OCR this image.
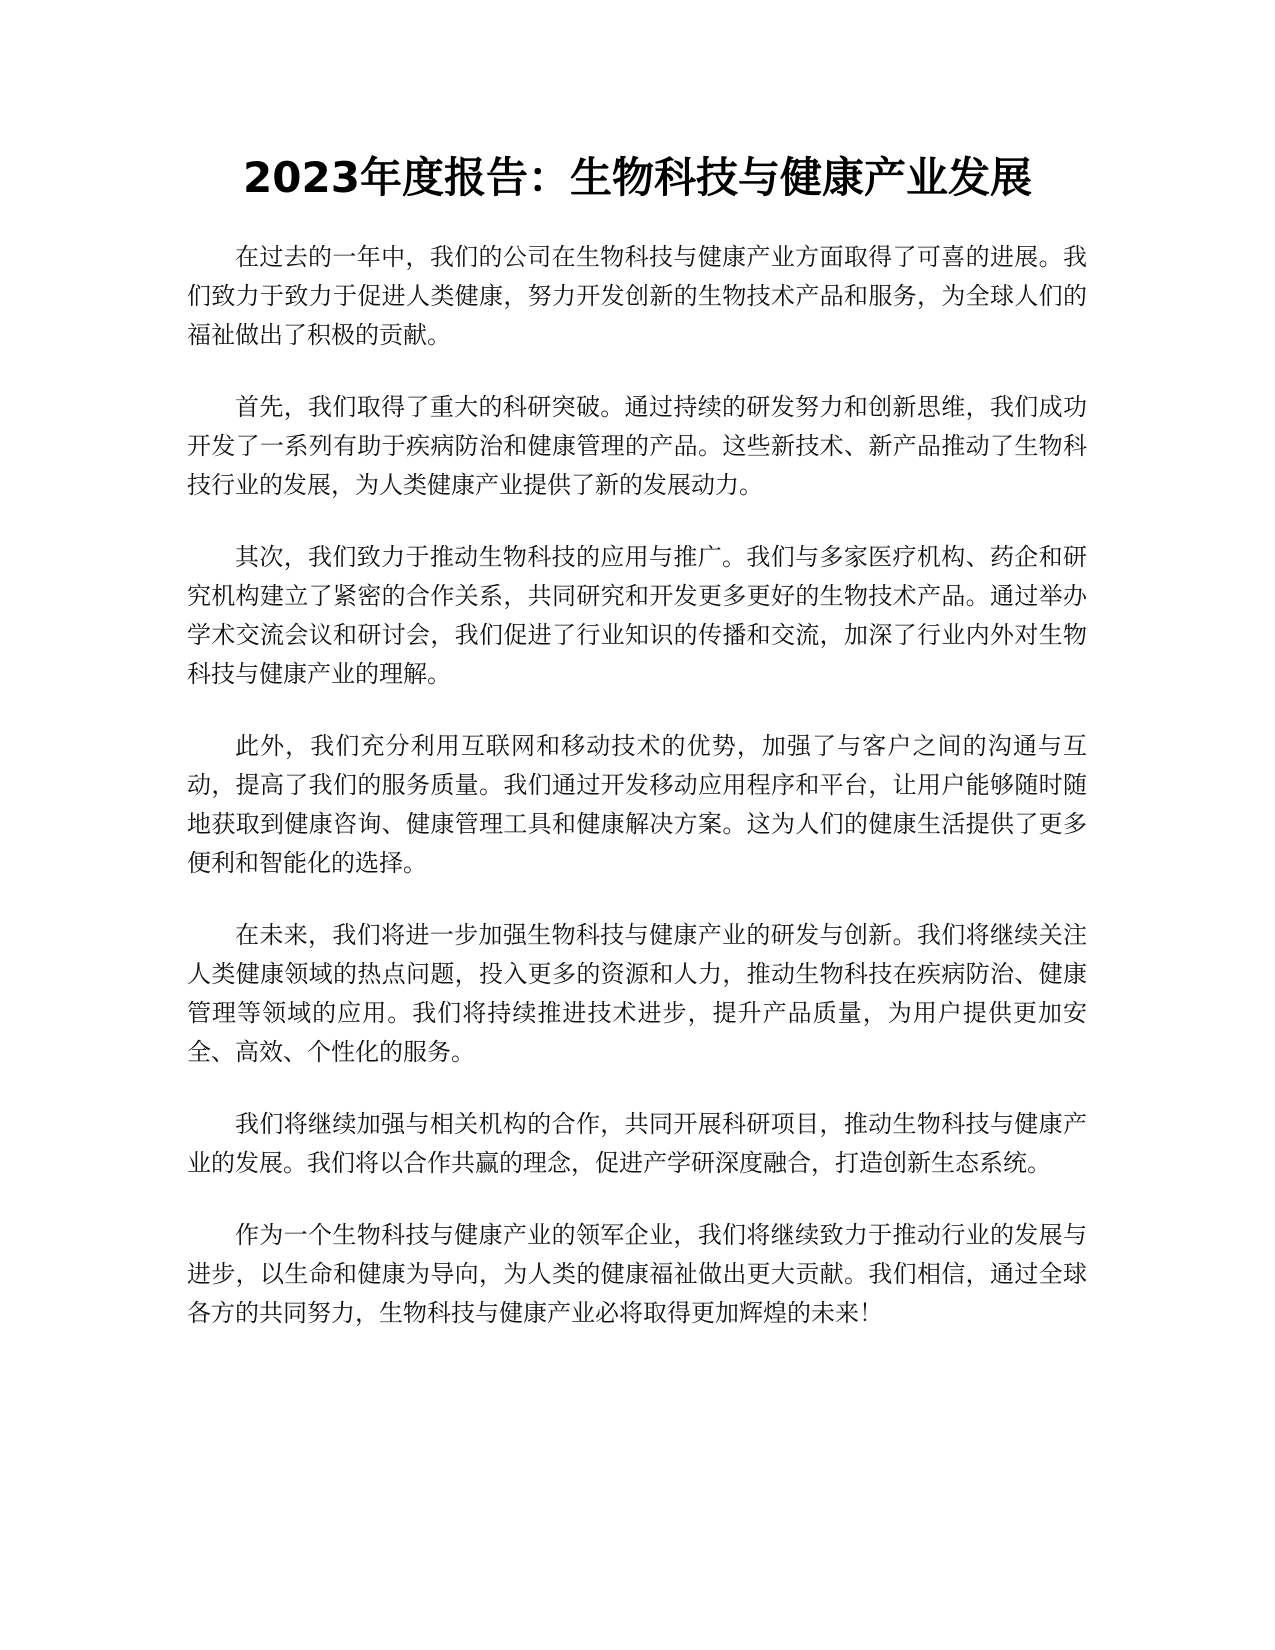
2023年度报告：生物科技与健康产业发展

在过去的一年中，我们的公司在生物科技与健康产业方面取得了可喜的进展。我们致力于致力于促进人类健康，努力开发创新的生物技术产品和服务，为全球人们的福祉做出了积极的贡献。

首先，我们取得了重大的科研突破。通过持续的研发努力和创新思维，我们成功开发了一系列有助于疾病防治和健康管理的产品。这些新技术、新产品推动了生物科技行业的发展，为人类健康产业提供了新的发展动力。

其次，我们致力于推动生物科技的应用与推广。我们与多家医疗机构、药企和研究机构建立了紧密的合作关系，共同研究和开发更多更好的生物技术产品。通过举办学术交流会议和研讨会，我们促进了行业知识的传播和交流，加深了行业内外对生物科技与健康产业的理解。

此外，我们充分利用互联网和移动技术的优势，加强了与客户之间的沟通与互动，提高了我们的服务质量。我们通过开发移动应用程序和平台，让用户能够随时随地获取到健康咨询、健康管理工具和健康解决方案。这为人们的健康生活提供了更多便利和智能化的选择。

在未来，我们将进一步加强生物科技与健康产业的研发与创新。我们将继续关注人类健康领域的热点问题，投入更多的资源和人力，推动生物科技在疾病防治、健康管理等领域的应用。我们将持续推进技术进步，提升产品质量，为用户提供更加安全、高效、个性化的服务。

我们将继续加强与相关机构的合作，共同开展科研项目，推动生物科技与健康产业的发展。我们将以合作共赢的理念，促进产学研深度融合，打造创新生态系统。

作为一个生物科技与健康产业的领军企业，我们将继续致力于推动行业的发展与进步，以生命和健康为导向，为人类的健康福祉做出更大贡献。我们相信，通过全球各方的共同努力，生物科技与健康产业必将取得更加辉煌的未来！
